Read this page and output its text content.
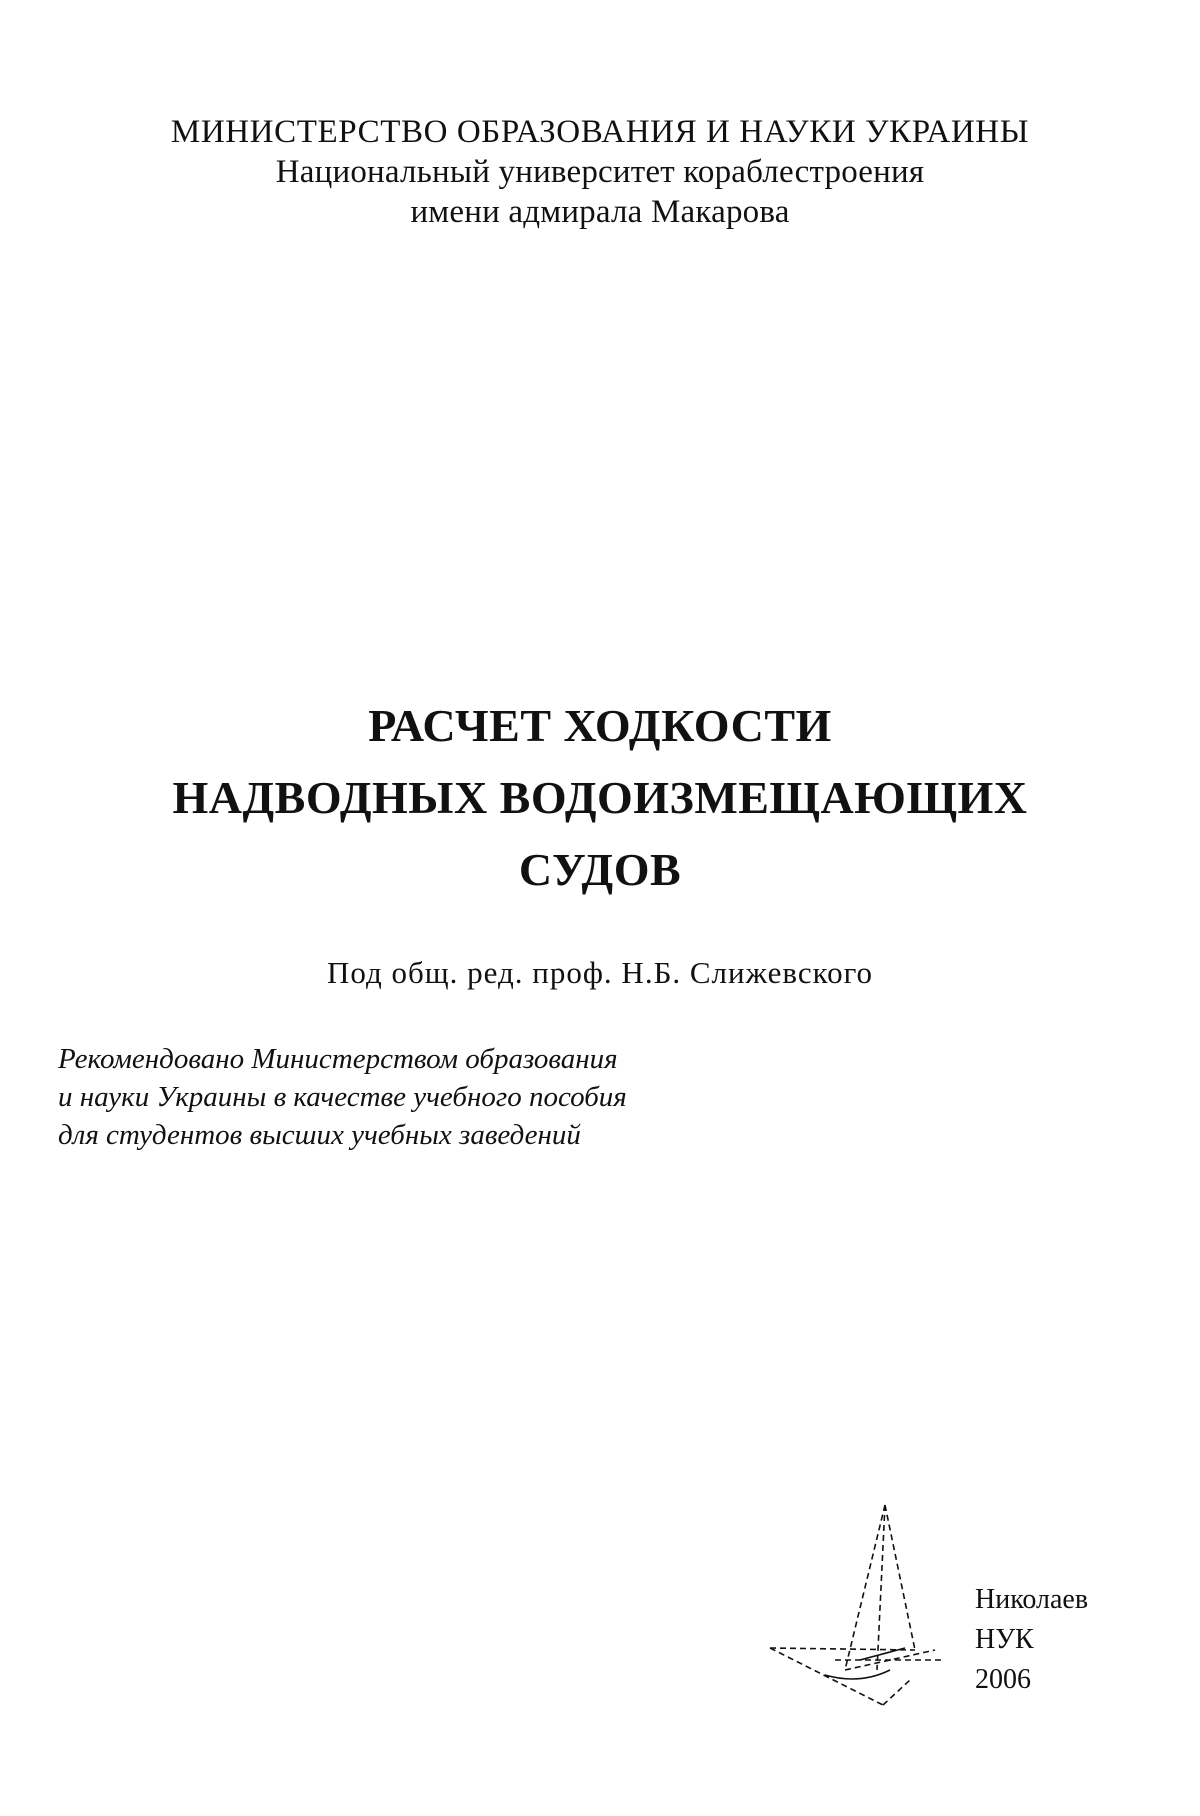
МИНИСТЕРСТВО ОБРАЗОВАНИЯ И НАУКИ УКРАИНЫ
Национальный университет кораблестроения
имени адмирала Макарова
РАСЧЕТ ХОДКОСТИ
НАДВОДНЫХ ВОДОИЗМЕЩАЮЩИХ
СУДОВ
Под общ. ред. проф. Н.Б. Слижевского
Рекомендовано Министерством образования
и науки Украины в качестве учебного пособия
для студентов высших учебных заведений
Николаев
НУК
2006
